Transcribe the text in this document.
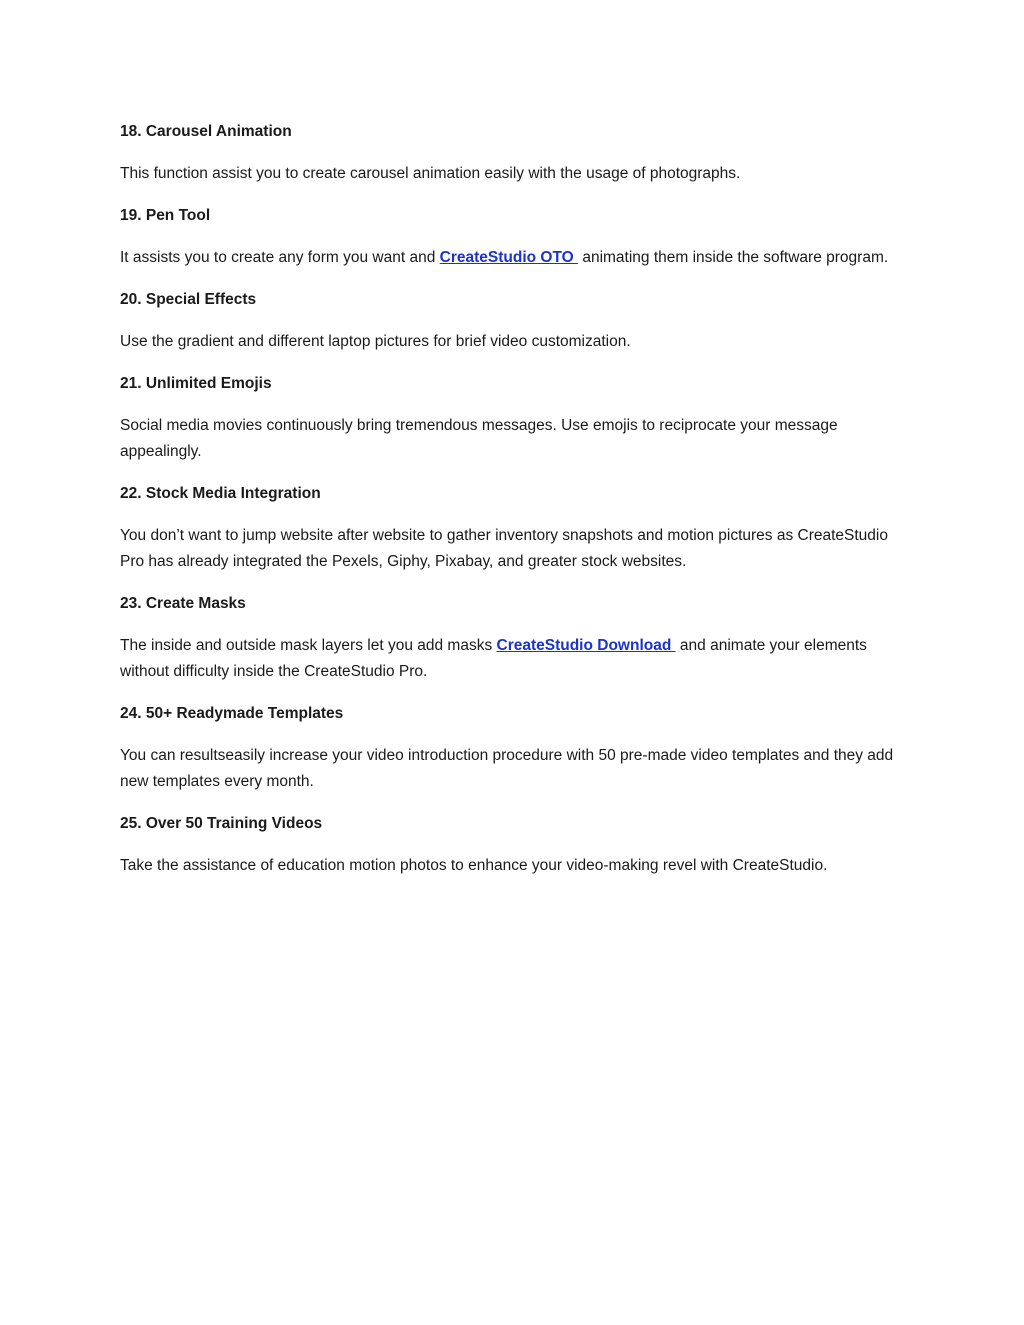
18. Carousel Animation
This function assist you to create carousel animation easily with the usage of photographs.
19. Pen Tool
It assists you to create any form you want and CreateStudio OTO  animating them inside the software program.
20. Special Effects
Use the gradient and different laptop pictures for brief video customization.
21. Unlimited Emojis
Social media movies continuously bring tremendous messages. Use emojis to reciprocate your message appealingly.
22. Stock Media Integration
You don’t want to jump website after website to gather inventory snapshots and motion pictures as CreateStudio Pro has already integrated the Pexels, Giphy, Pixabay, and greater stock websites.
23. Create Masks
The inside and outside mask layers let you add masks CreateStudio Download  and animate your elements without difficulty inside the CreateStudio Pro.
24. 50+ Readymade Templates
You can resultseasily increase your video introduction procedure with 50 pre-made video templates and they add new templates every month.
25. Over 50 Training Videos
Take the assistance of education motion photos to enhance your video-making revel with CreateStudio.
